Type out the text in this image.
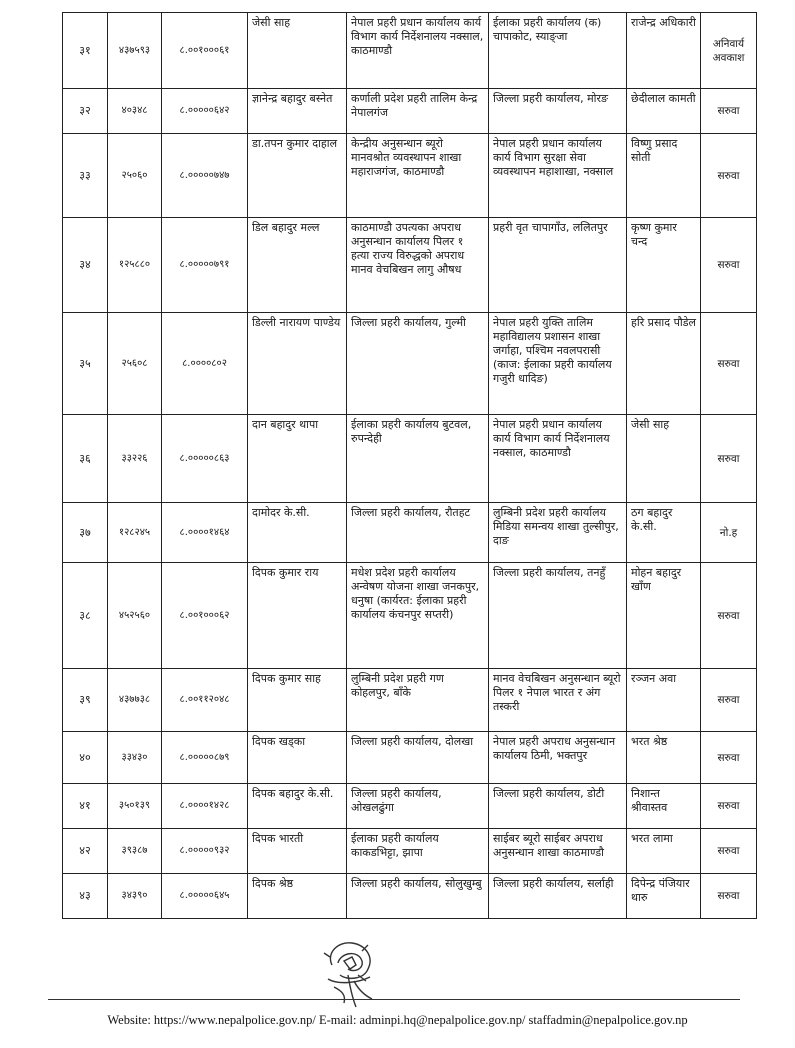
३१	४३७५९३	८.००१०००६१	जेसी साह	नेपाल प्रहरी प्रधान कार्यालय कार्य विभाग कार्य निर्देशनालय नक्साल, काठमाण्डौ	ईलाका प्रहरी कार्यालय (क) चापाकोट, स्याङ्जा	राजेन्द्र अधिकारी	अनिवार्य अवकाश
३२	४०३४८	८.०००००६४२	ज्ञानेन्द्र बहादुर बस्नेत	कर्णाली प्रदेश प्रहरी तालिम केन्द्र नेपालगंज	जिल्ला प्रहरी कार्यालय, मोरङ	छेदीलाल कामती	सरुवा
३३	२५०६०	८.०००००७४७	डा.तपन कुमार दाहाल	केन्द्रीय अनुसन्धान ब्यूरो मानवश्रोत व्यवस्थापन शाखा महाराजगंज, काठमाण्डौ	नेपाल प्रहरी प्रधान कार्यालय कार्य विभाग सुरक्षा सेवा व्यवस्थापन महाशाखा, नक्साल	विष्णु प्रसाद सोती	सरुवा
३४	१२५८८०	८.०००००७९१	डिल बहादुर मल्ल	काठमाण्डौ उपत्यका अपराध अनुसन्धान कार्यालय पिलर १ हत्या राज्य विरुद्धको अपराध मानव वेचबिखन लागु औषध	प्रहरी वृत चापागाँउ, ललितपुर	कृष्ण कुमार चन्द	सरुवा
३५	२५६०८	८.००००८०२	डिल्ली नारायण पाण्डेय	जिल्ला प्रहरी कार्यालय, गुल्मी	नेपाल प्रहरी युक्ति तालिम महाविद्यालय प्रशासन शाखा जर्गाहा, पश्चिम नवलपरासी (काज: ईलाका प्रहरी कार्यालय गजुरी धादिङ)	हरि प्रसाद पौडेल	सरुवा
३६	३३२२६	८.०००००८६३	दान बहादुर थापा	ईलाका प्रहरी कार्यालय बुटवल, रुपन्देही	नेपाल प्रहरी प्रधान कार्यालय कार्य विभाग कार्य निर्देशनालय नक्साल, काठमाण्डौ	जेसी साह	सरुवा
३७	१२८२४५	८.००००१४६४	दामोदर के.सी.	जिल्ला प्रहरी कार्यालय, रौतहट	लुम्बिनी प्रदेश प्रहरी कार्यालय मिडिया समन्वय शाखा तुल्सीपुर, दाङ	ठग बहादुर के.सी.	नो.ह
३८	४५२५६०	८.००१०००६२	दिपक कुमार राय	मधेश प्रदेश प्रहरी कार्यालय अन्वेषण योजना शाखा जनकपुर, धनुषा (कार्यरत: ईलाका प्रहरी कार्यालय कंचनपुर सप्तरी)	जिल्ला प्रहरी कार्यालय, तनहुँ	मोहन बहादुर खाँण	सरुवा
३९	४३७७३८	८.००११२०४८	दिपक कुमार साह	लुम्बिनी प्रदेश प्रहरी गण कोहलपुर, बाँके	मानव वेचबिखन अनुसन्धान ब्यूरो पिलर १ नेपाल भारत र अंग तस्करी	रञ्जन अवा	सरुवा
४०	३३४३०	८.०००००८७९	दिपक खड्का	जिल्ला प्रहरी कार्यालय, दोलखा	नेपाल प्रहरी अपराध अनुसन्धान कार्यालय ठिमी, भक्तपुर	भरत श्रेष्ठ	सरुवा
४१	३५०१३९	८.००००१४२८	दिपक बहादुर के.सी.	जिल्ला प्रहरी कार्यालय, ओखलढुंगा	जिल्ला प्रहरी कार्यालय, डोटी	निशान्त श्रीवास्तव	सरुवा
४२	३९३८७	८.०००००९३२	दिपक भारती	ईलाका प्रहरी कार्यालय काकडभिट्टा, झापा	साईबर ब्यूरो साईबर अपराध अनुसन्धान शाखा काठमाण्डौ	भरत लामा	सरुवा
४३	३४३९०	८.०००००६४५	दिपक श्रेष्ठ	जिल्ला प्रहरी कार्यालय, सोलुखुम्बु	जिल्ला प्रहरी कार्यालय, सर्लाही	दिपेन्द्र पंजियार थारु	सरुवा
Website: https://www.nepalpolice.gov.np/ E-mail: adminpi.hq@nepalpolice.gov.np/ staffadmin@nepalpolice.gov.np
